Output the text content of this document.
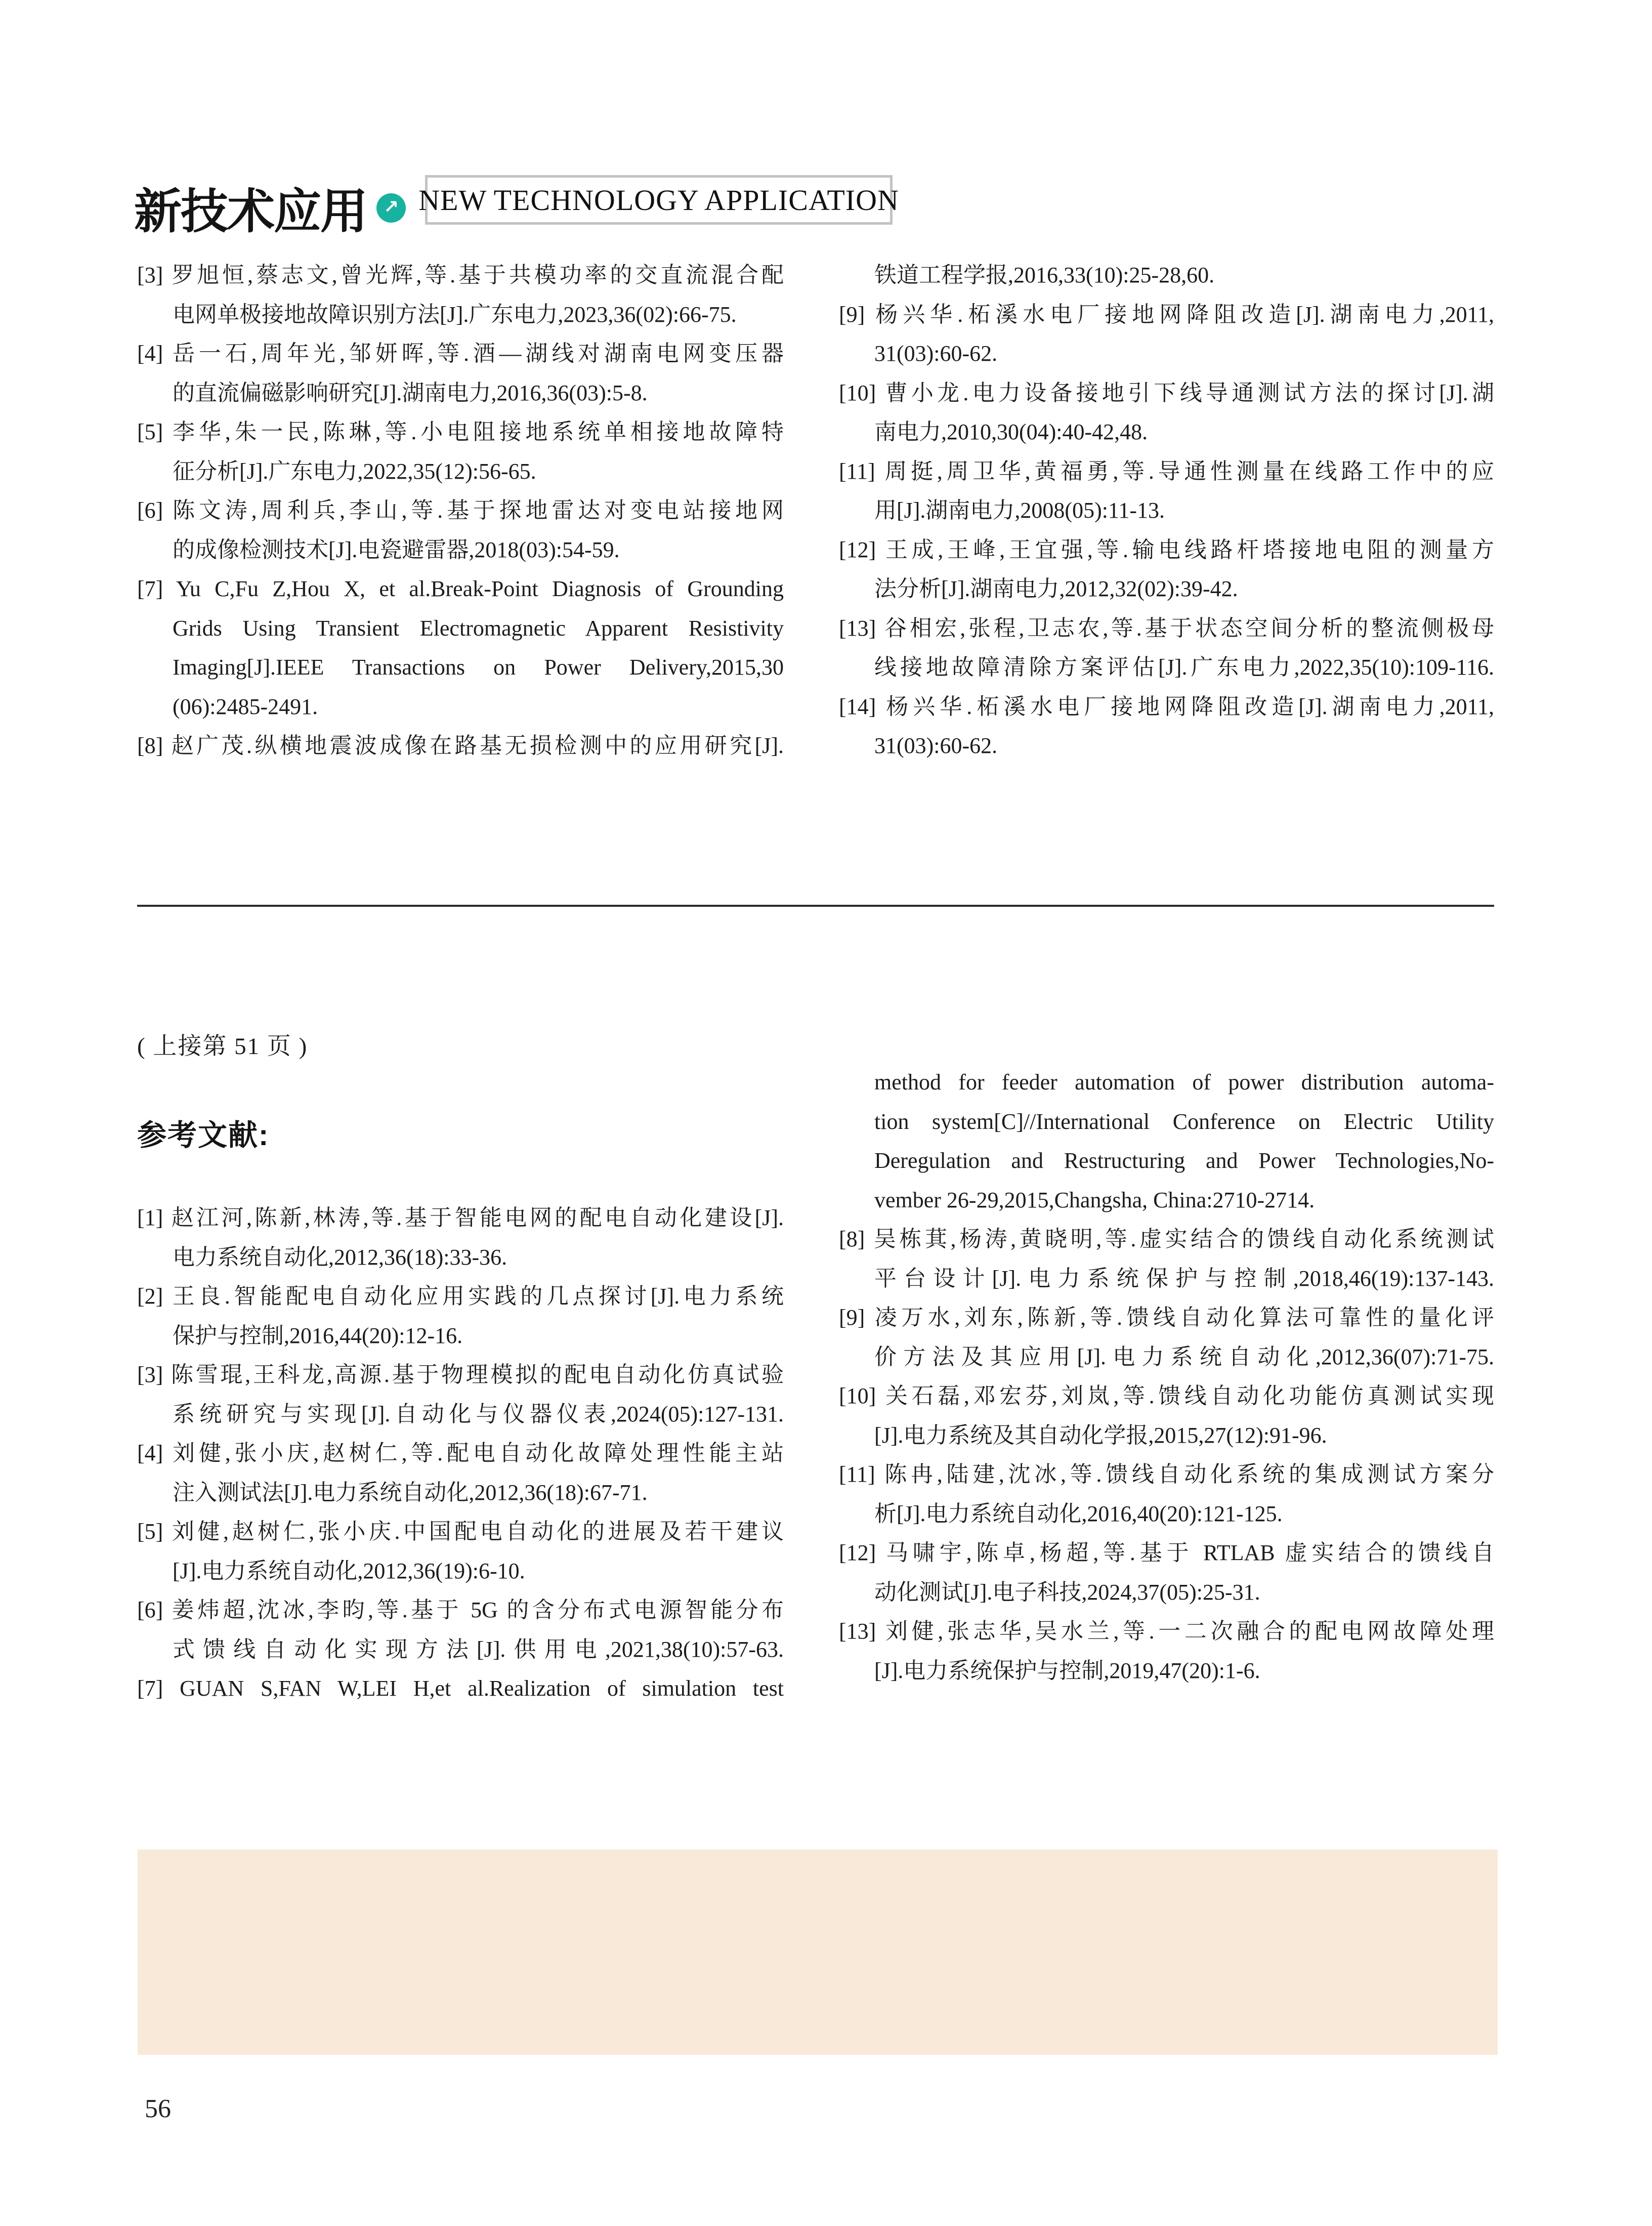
新技术应用 ↗ NEW TECHNOLOGY APPLICATION
[3] 罗旭恒,蔡志文,曾光辉,等.基于共模功率的交直流混合配
电网单极接地故障识别方法[J].广东电力,2023,36(02):66-75.
[4] 岳一石,周年光,邹妍晖,等.酒—湖线对湖南电网变压器
的直流偏磁影响研究[J].湖南电力,2016,36(03):5-8.
[5] 李华,朱一民,陈琳,等.小电阻接地系统单相接地故障特
征分析[J].广东电力,2022,35(12):56-65.
[6] 陈文涛,周利兵,李山,等.基于探地雷达对变电站接地网
的成像检测技术[J].电瓷避雷器,2018(03):54-59.
[7] Yu C,Fu Z,Hou X, et al.Break-Point Diagnosis of Grounding
Grids Using Transient Electromagnetic Apparent Resistivity
Imaging[J].IEEE Transactions on Power Delivery,2015,30
(06):2485-2491.
[8] 赵广茂.纵横地震波成像在路基无损检测中的应用研究[J].
铁道工程学报,2016,33(10):25-28,60.
[9] 杨兴华.柘溪水电厂接地网降阻改造[J].湖南电力,2011,
31(03):60-62.
[10] 曹小龙.电力设备接地引下线导通测试方法的探讨[J].湖
南电力,2010,30(04):40-42,48.
[11] 周挺,周卫华,黄福勇,等.导通性测量在线路工作中的应
用[J].湖南电力,2008(05):11-13.
[12] 王成,王峰,王宜强,等.输电线路杆塔接地电阻的测量方
法分析[J].湖南电力,2012,32(02):39-42.
[13] 谷相宏,张程,卫志农,等.基于状态空间分析的整流侧极母
线接地故障清除方案评估[J].广东电力,2022,35(10):109-116.
[14] 杨兴华.柘溪水电厂接地网降阻改造[J].湖南电力,2011,
31(03):60-62.
( 上接第 51 页 )
参考文献:
[1] 赵江河,陈新,林涛,等.基于智能电网的配电自动化建设[J].
电力系统自动化,2012,36(18):33-36.
[2] 王良.智能配电自动化应用实践的几点探讨[J].电力系统
保护与控制,2016,44(20):12-16.
[3] 陈雪琨,王科龙,高源.基于物理模拟的配电自动化仿真试验
系统研究与实现[J].自动化与仪器仪表,2024(05):127-131.
[4] 刘健,张小庆,赵树仁,等.配电自动化故障处理性能主站
注入测试法[J].电力系统自动化,2012,36(18):67-71.
[5] 刘健,赵树仁,张小庆.中国配电自动化的进展及若干建议
[J].电力系统自动化,2012,36(19):6-10.
[6] 姜炜超,沈冰,李昀,等.基于 5G 的含分布式电源智能分布
式馈线自动化实现方法[J].供用电,2021,38(10):57-63.
[7] GUAN S,FAN W,LEI H,et al.Realization of simulation test
method for feeder automation of power distribution automa-
tion system[C]//International Conference on Electric Utility
Deregulation and Restructuring and Power Technologies,No-
vember 26-29,2015,Changsha, China:2710-2714.
[8] 吴栋萁,杨涛,黄晓明,等.虚实结合的馈线自动化系统测试
平台设计[J].电力系统保护与控制,2018,46(19):137-143.
[9] 凌万水,刘东,陈新,等.馈线自动化算法可靠性的量化评
价方法及其应用[J].电力系统自动化,2012,36(07):71-75.
[10] 关石磊,邓宏芬,刘岚,等.馈线自动化功能仿真测试实现
[J].电力系统及其自动化学报,2015,27(12):91-96.
[11] 陈冉,陆建,沈冰,等.馈线自动化系统的集成测试方案分
析[J].电力系统自动化,2016,40(20):121-125.
[12] 马啸宇,陈卓,杨超,等.基于 RTLAB 虚实结合的馈线自
动化测试[J].电子科技,2024,37(05):25-31.
[13] 刘健,张志华,吴水兰,等.一二次融合的配电网故障处理
[J].电力系统保护与控制,2019,47(20):1-6.
56
